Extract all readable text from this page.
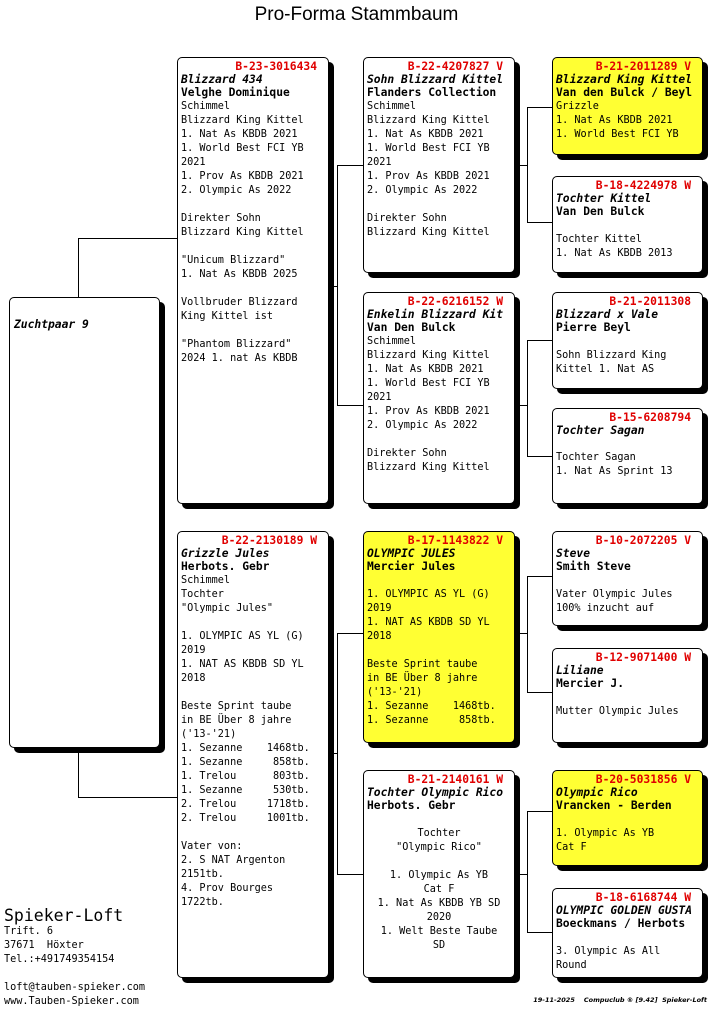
Pro-Forma Stammbaum
Zuchtpaar 9
B-23-3016434
Blizzard 434
Velghe Dominique
Schimmel
Blizzard King Kittel
1. Nat As KBDB 2021
1. World Best FCI YB
2021
1. Prov As KBDB 2021
2. Olympic As 2022
Direkter Sohn
Blizzard King Kittel
"Unicum Blizzard"
1. Nat As KBDB 2025
Vollbruder Blizzard
King Kittel ist
"Phantom Blizzard"
2024 1. nat As KBDB
B-22-2130189 W
Grizzle Jules
Herbots. Gebr
Schimmel
Tochter
"Olympic Jules"
1. OLYMPIC AS YL (G)
2019
1. NAT AS KBDB SD YL
2018
Beste Sprint taube
in BE Über 8 jahre
('13-'21)
1. Sezanne    1468tb.
1. Sezanne     858tb.
1. Trelou      803tb.
1. Sezanne     530tb.
2. Trelou     1718tb.
2. Trelou     1001tb.
Vater von:
2. S NAT Argenton
2151tb.
4. Prov Bourges
1722tb.
B-22-4207827 V
Sohn Blizzard Kittel
Flanders Collection
Schimmel
Blizzard King Kittel
1. Nat As KBDB 2021
1. World Best FCI YB
2021
1. Prov As KBDB 2021
2. Olympic As 2022
Direkter Sohn
Blizzard King Kittel
B-22-6216152 W
Enkelin Blizzard Kit
Van Den Bulck
Schimmel
Blizzard King Kittel
1. Nat As KBDB 2021
1. World Best FCI YB
2021
1. Prov As KBDB 2021
2. Olympic As 2022
Direkter Sohn
Blizzard King Kittel
B-17-1143822 V
OLYMPIC JULES
Mercier Jules
1. OLYMPIC AS YL (G)
2019
1. NAT AS KBDB SD YL
2018
Beste Sprint taube
in BE Über 8 jahre
('13-'21)
1. Sezanne    1468tb.
1. Sezanne     858tb.
B-21-2140161 W
Tochter Olympic Rico
Herbots. Gebr
Tochter
"Olympic Rico"
1. Olympic As YB
Cat F
1. Nat As KBDB YB SD
2020
1. Welt Beste Taube
SD
B-21-2011289 V
Blizzard King Kittel
Van den Bulck / Beyl
Grizzle
1. Nat As KBDB 2021
1. World Best FCI YB
B-18-4224978 W
Tochter Kittel
Van Den Bulck
Tochter Kittel
1. Nat As KBDB 2013
B-21-2011308
Blizzard x Vale
Pierre Beyl
Sohn Blizzard King
Kittel 1. Nat AS
B-15-6208794
Tochter Sagan
Tochter Sagan
1. Nat As Sprint 13
B-10-2072205 V
Steve
Smith Steve
Vater Olympic Jules
100% inzucht auf
B-12-9071400 W
Liliane
Mercier J.
Mutter Olympic Jules
B-20-5031856 V
Olympic Rico
Vrancken - Berden
1. Olympic As YB
Cat F
B-18-6168744 W
OLYMPIC GOLDEN GUSTA
Boeckmans / Herbots
3. Olympic As All
Round
Spieker-Loft
Trift. 6
37671  Höxter
Tel.:+491749354154
loft@tauben-spieker.com
www.Tauben-Spieker.com	19-11-2025    Compuclub ® [9.42]  Spieker-Loft
